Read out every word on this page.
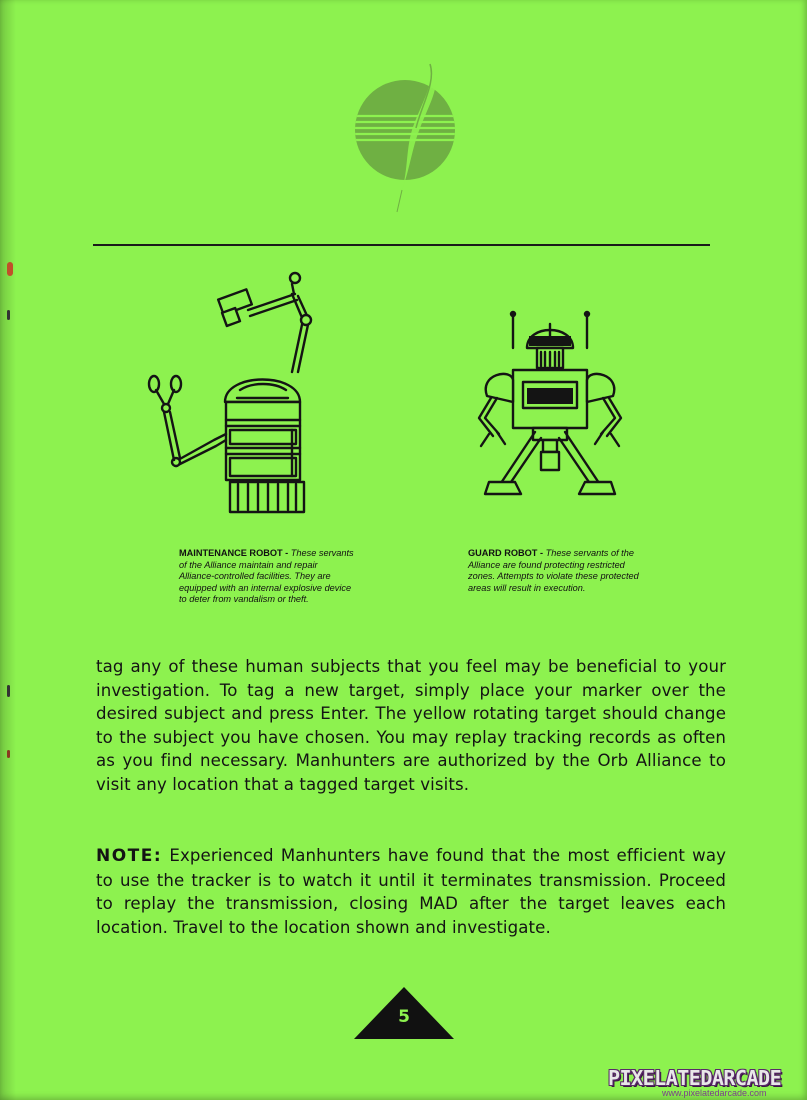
MAINTENANCE ROBOT - These servants of the Alliance maintain and repair Alliance-controlled facilities. They are equipped with an internal explosive device to deter from vandalism or theft.
GUARD ROBOT - These servants of the Alliance are found protecting restricted zones. Attempts to violate these protected areas will result in execution.
tag any of these human subjects that you feel may be beneficial to your investigation. To tag a new target, simply place your marker over the desired subject and press Enter. The yellow rotating target should change to the subject you have chosen. You may replay tracking records as often as you find necessary. Manhunters are authorized by the Orb Alliance to visit any location that a tagged target visits.
NOTE: Experienced Manhunters have found that the most efficient way to use the tracker is to watch it until it terminates transmission. Proceed to replay the transmission, closing MAD after the target leaves each location. Travel to the location shown and investigate.
5
PIXELATEDARCADE
www.pixelatedarcade.com
